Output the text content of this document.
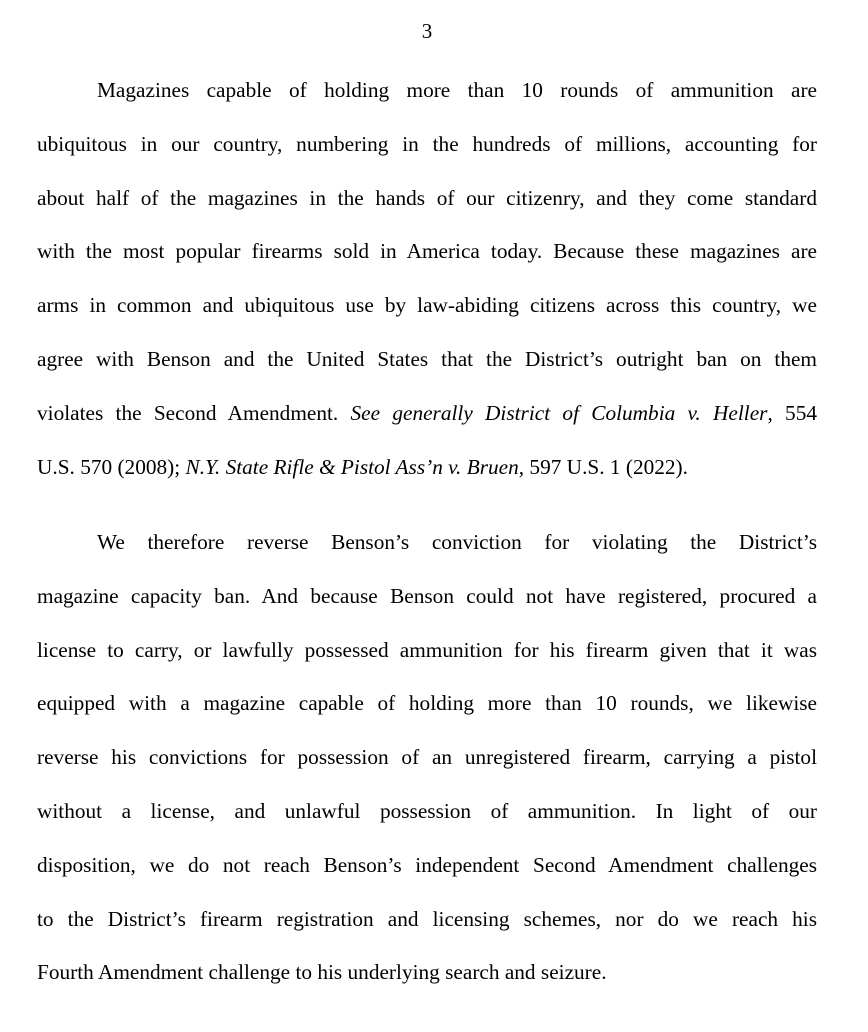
3
Magazines capable of holding more than 10 rounds of ammunition are
ubiquitous in our country, numbering in the hundreds of millions, accounting for
about half of the magazines in the hands of our citizenry, and they come standard
with the most popular firearms sold in America today. Because these magazines are
arms in common and ubiquitous use by law-abiding citizens across this country, we
agree with Benson and the United States that the District’s outright ban on them
violates the Second Amendment. See generally District of Columbia v. Heller, 554
U.S. 570 (2008); N.Y. State Rifle & Pistol Ass’n v. Bruen, 597 U.S. 1 (2022).
We therefore reverse Benson’s conviction for violating the District’s
magazine capacity ban. And because Benson could not have registered, procured a
license to carry, or lawfully possessed ammunition for his firearm given that it was
equipped with a magazine capable of holding more than 10 rounds, we likewise
reverse his convictions for possession of an unregistered firearm, carrying a pistol
without a license, and unlawful possession of ammunition. In light of our
disposition, we do not reach Benson’s independent Second Amendment challenges
to the District’s firearm registration and licensing schemes, nor do we reach his
Fourth Amendment challenge to his underlying search and seizure.
